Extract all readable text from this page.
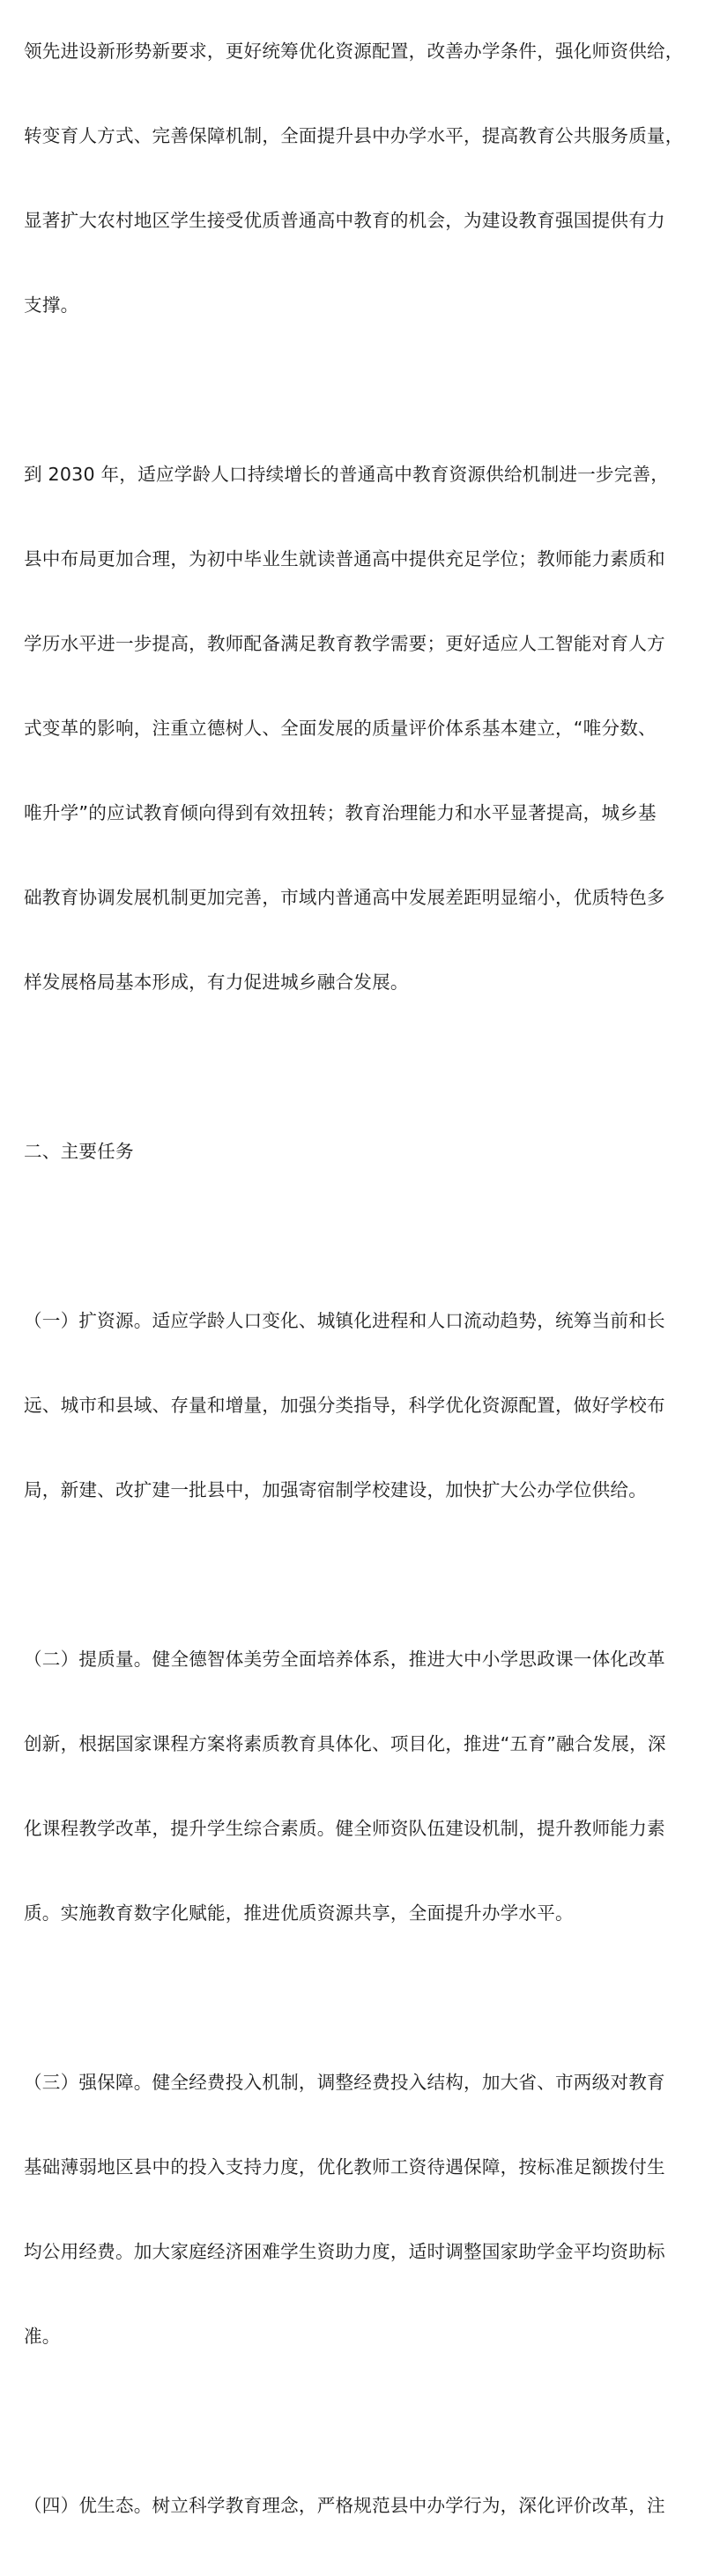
领先进设新形势新要求，更好统筹优化资源配置，改善办学条件，强化师资供给，

转变育人方式、完善保障机制，全面提升县中办学水平，提高教育公共服务质量，

显著扩大农村地区学生接受优质普通高中教育的机会，为建设教育强国提供有力

支撑。

到 2030 年，适应学龄人口持续增长的普通高中教育资源供给机制进一步完善，

县中布局更加合理，为初中毕业生就读普通高中提供充足学位；教师能力素质和

学历水平进一步提高，教师配备满足教育教学需要；更好适应人工智能对育人方

式变革的影响，注重立德树人、全面发展的质量评价体系基本建立，“唯分数、

唯升学”的应试教育倾向得到有效扭转；教育治理能力和水平显著提高，城乡基

础教育协调发展机制更加完善，市域内普通高中发展差距明显缩小，优质特色多

样发展格局基本形成，有力促进城乡融合发展。

二、主要任务

（一）扩资源。适应学龄人口变化、城镇化进程和人口流动趋势，统筹当前和长

远、城市和县域、存量和增量，加强分类指导，科学优化资源配置，做好学校布

局，新建、改扩建一批县中，加强寄宿制学校建设，加快扩大公办学位供给。

（二）提质量。健全德智体美劳全面培养体系，推进大中小学思政课一体化改革

创新，根据国家课程方案将素质教育具体化、项目化，推进“五育”融合发展，深

化课程教学改革，提升学生综合素质。健全师资队伍建设机制，提升教师能力素

质。实施教育数字化赋能，推进优质资源共享，全面提升办学水平。

（三）强保障。健全经费投入机制，调整经费投入结构，加大省、市两级对教育

基础薄弱地区县中的投入支持力度，优化教师工资待遇保障，按标准足额拨付生

均公用经费。加大家庭经济困难学生资助力度，适时调整国家助学金平均资助标

准。

（四）优生态。树立科学教育理念，严格规范县中办学行为，深化评价改革，注
